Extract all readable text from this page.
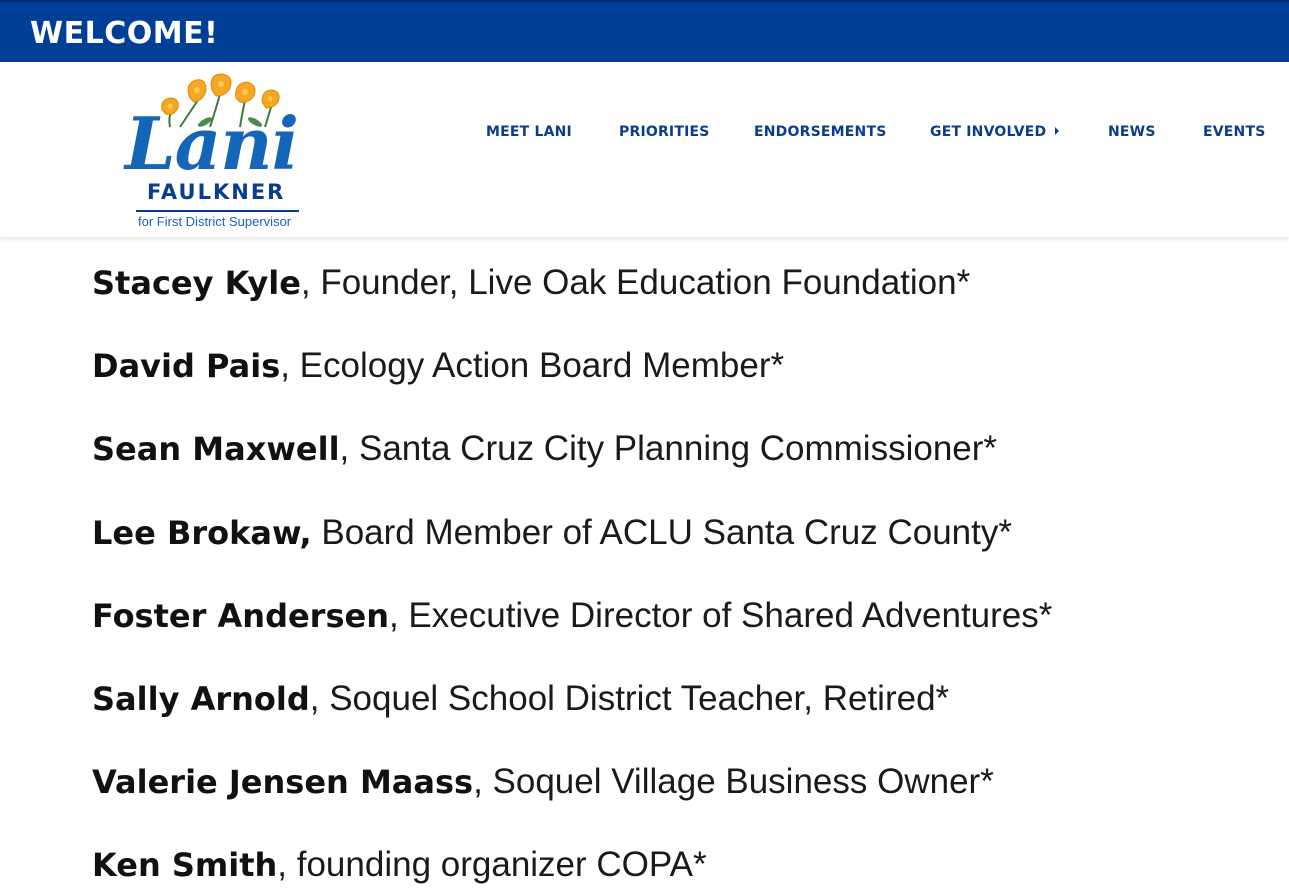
WELCOME!
Lani
FAULKNER
for First District Supervisor
MEET LANI	PRIORITIES	ENDORSEMENTS	GET INVOLVED	NEWS	EVENTS
Stacey Kyle, Founder, Live Oak Education Foundation*
David Pais, Ecology Action Board Member*
Sean Maxwell, Santa Cruz City Planning Commissioner*
Lee Brokaw, Board Member of ACLU Santa Cruz County*
Foster Andersen, Executive Director of Shared Adventures*
Sally Arnold, Soquel School District Teacher, Retired*
Valerie Jensen Maass, Soquel Village Business Owner*
Ken Smith, founding organizer COPA*
